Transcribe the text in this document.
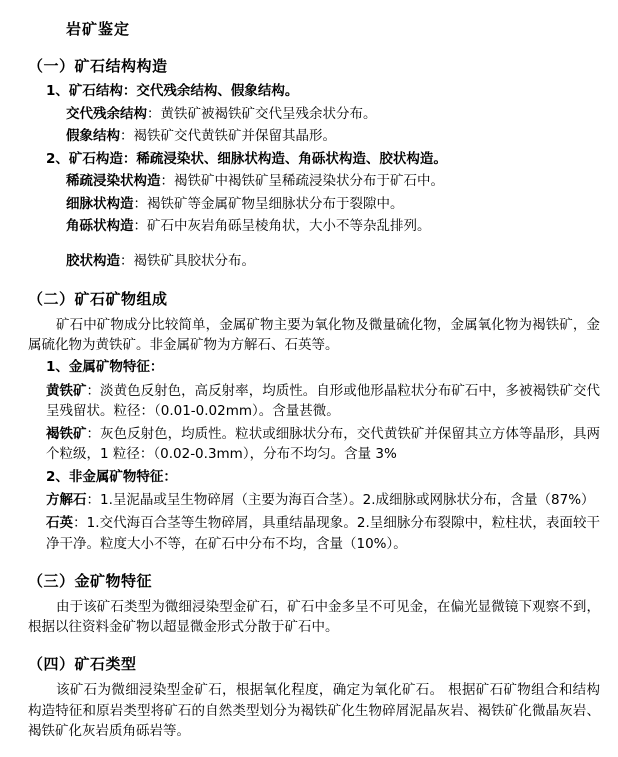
岩矿鉴定
（一）矿石结构构造
1、矿石结构：交代残余结构、假象结构。
交代残余结构：黄铁矿被褐铁矿交代呈残余状分布。
假象结构：褐铁矿交代黄铁矿并保留其晶形。
2、矿石构造：稀疏浸染状、细脉状构造、角砾状构造、胶状构造。
稀疏浸染状构造：褐铁矿中褐铁矿呈稀疏浸染状分布于矿石中。
细脉状构造：褐铁矿等金属矿物呈细脉状分布于裂隙中。
角砾状构造：矿石中灰岩角砾呈棱角状，大小不等杂乱排列。
胶状构造：褐铁矿具胶状分布。
（二）矿石矿物组成
矿石中矿物成分比较简单，金属矿物主要为氧化物及微量硫化物，金属氧化物为褐铁矿，金属硫化物为黄铁矿。非金属矿物为方解石、石英等。
1、金属矿物特征：
黄铁矿：淡黄色反射色，高反射率，均质性。自形或他形晶粒状分布矿石中，多被褐铁矿交代呈残留状。粒径：（0.01-0.02mm）。含量甚微。
褐铁矿：灰色反射色，均质性。粒状或细脉状分布，交代黄铁矿并保留其立方体等晶形，具两个粒级，1 粒径：（0.02-0.3mm），分布不均匀。含量 3%
2、非金属矿物特征：
方解石：1.呈泥晶或呈生物碎屑（主要为海百合茎）。2.成细脉或网脉状分布，含量（87%）
石英：1.交代海百合茎等生物碎屑，具重结晶现象。2.呈细脉分布裂隙中，粒柱状，表面较干净干净。粒度大小不等，在矿石中分布不均，含量（10%）。
（三）金矿物特征
由于该矿石类型为微细浸染型金矿石，矿石中金多呈不可见金，在偏光显微镜下观察不到，根据以往资料金矿物以超显微金形式分散于矿石中。
（四）矿石类型
该矿石为微细浸染型金矿石，根据氧化程度，确定为氧化矿石。 根据矿石矿物组合和结构构造特征和原岩类型将矿石的自然类型划分为褐铁矿化生物碎屑泥晶灰岩、褐铁矿化微晶灰岩、褐铁矿化灰岩质角砾岩等。
